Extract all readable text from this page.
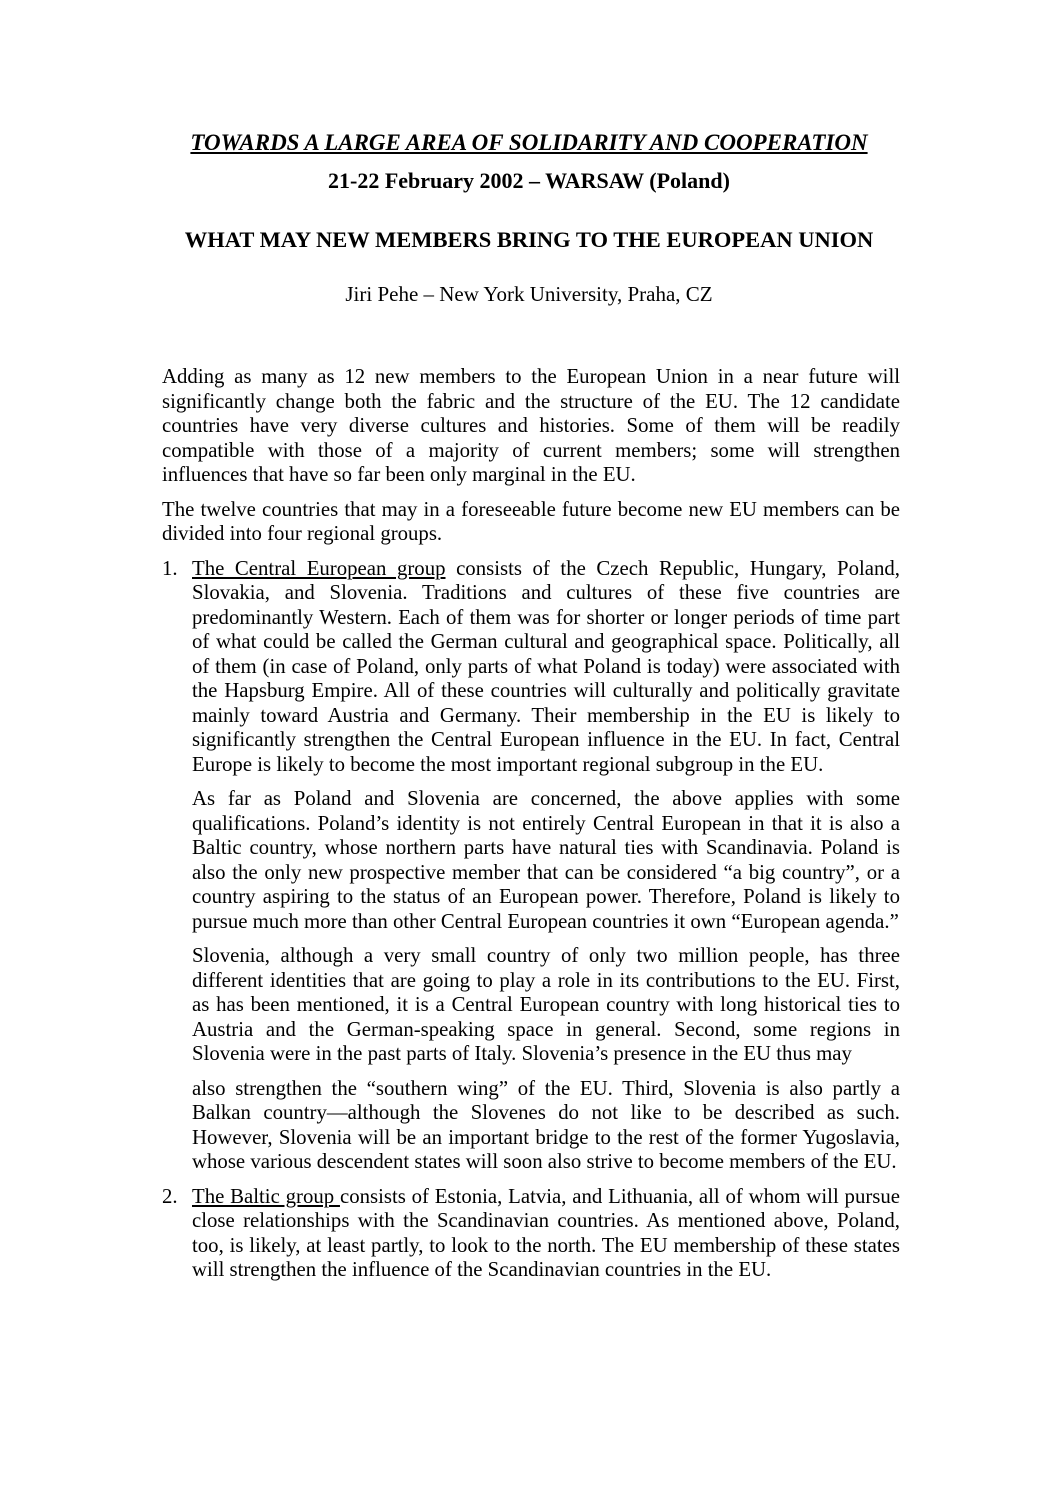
TOWARDS A LARGE AREA OF SOLIDARITY AND COOPERATION
21-22 February 2002 – WARSAW (Poland)
WHAT MAY NEW MEMBERS BRING TO THE EUROPEAN UNION
Jiri Pehe – New York University, Praha, CZ

Adding as many as 12 new members to the European Union in a near future will significantly change both the fabric and the structure of the EU. The 12 candidate countries have very diverse cultures and histories. Some of them will be readily compatible with those of a majority of current members; some will strengthen influences that have so far been only marginal in the EU.

The twelve countries that may in a foreseeable future become new EU members can be divided into four regional groups.

1. The Central European group consists of the Czech Republic, Hungary, Poland, Slovakia, and Slovenia. Traditions and cultures of these five countries are predominantly Western. Each of them was for shorter or longer periods of time part of what could be called the German cultural and geographical space. Politically, all of them (in case of Poland, only parts of what Poland is today) were associated with the Hapsburg Empire. All of these countries will culturally and politically gravitate mainly toward Austria and Germany. Their membership in the EU is likely to significantly strengthen the Central European influence in the EU. In fact, Central Europe is likely to become the most important regional subgroup in the EU.

As far as Poland and Slovenia are concerned, the above applies with some qualifications. Poland’s identity is not entirely Central European in that it is also a Baltic country, whose northern parts have natural ties with Scandinavia. Poland is also the only new prospective member that can be considered “a big country”, or a country aspiring to the status of an European power. Therefore, Poland is likely to pursue much more than other Central European countries it own “European agenda.”

Slovenia, although a very small country of only two million people, has three different identities that are going to play a role in its contributions to the EU. First, as has been mentioned, it is a Central European country with long historical ties to Austria and the German-speaking space in general. Second, some regions in Slovenia were in the past parts of Italy. Slovenia’s presence in the EU thus may

also strengthen the “southern wing” of the EU. Third, Slovenia is also partly a Balkan country—although the Slovenes do not like to be described as such. However, Slovenia will be an important bridge to the rest of the former Yugoslavia, whose various descendent states will soon also strive to become members of the EU.

2. The Baltic group consists of Estonia, Latvia, and Lithuania, all of whom will pursue close relationships with the Scandinavian countries. As mentioned above, Poland, too, is likely, at least partly, to look to the north. The EU membership of these states will strengthen the influence of the Scandinavian countries in the EU.
